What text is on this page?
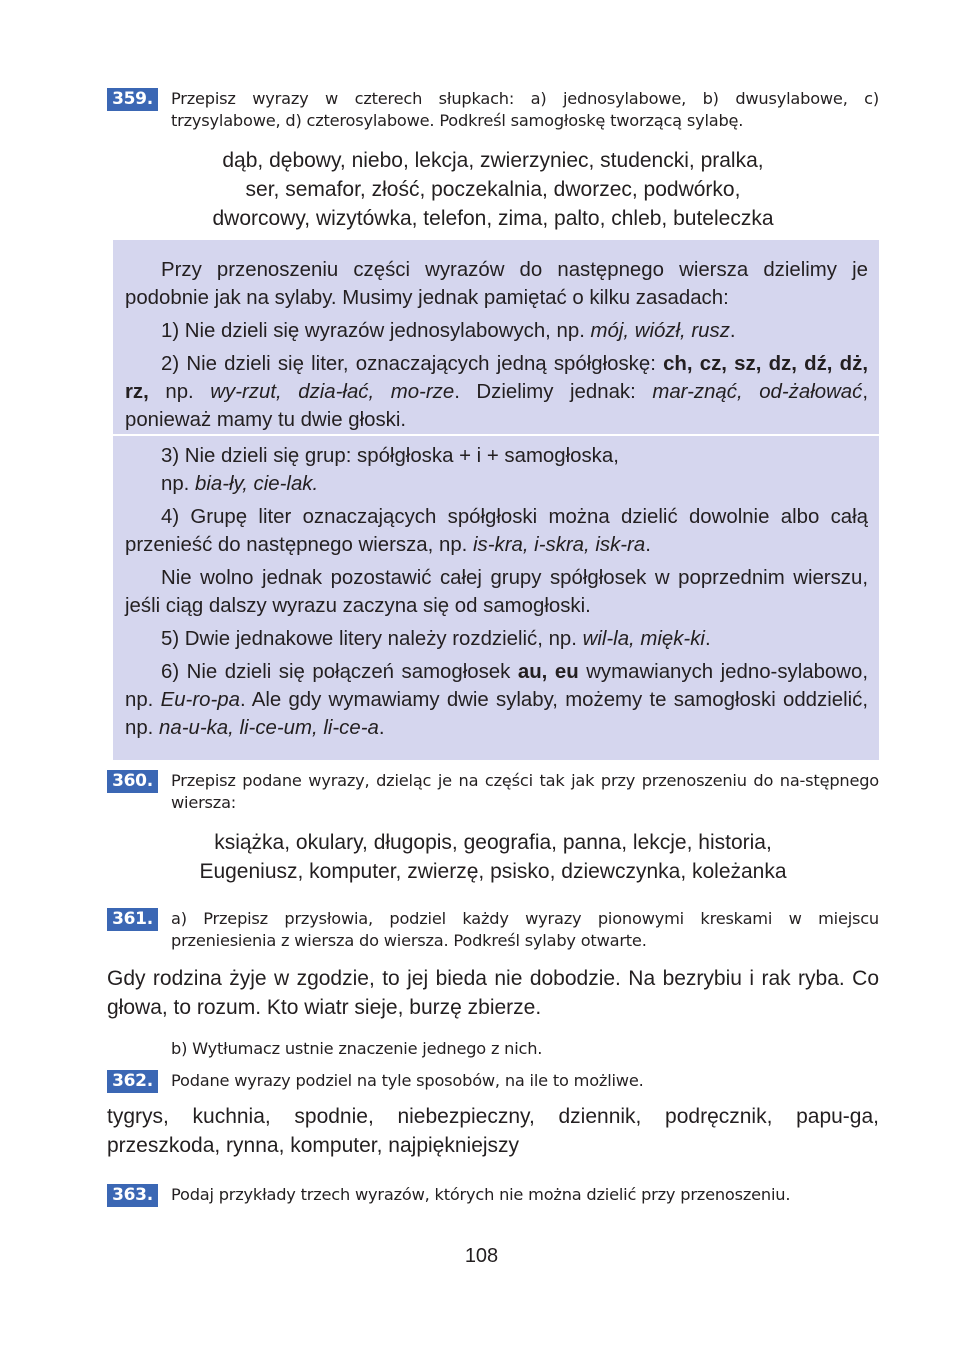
359.	Przepisz wyrazy w czterech słupkach: a) jednosylabowe, b) dwusylabowe, c) trzysylabowe, d) czterosylabowe. Podkreśl samogłoskę tworzącą sylabę.
dąb, dębowy, niebo, lekcja, zwierzyniec, studencki, pralka,
ser, semafor, złość, poczekalnia, dworzec, podwórko,
dworcowy, wizytówka, telefon, zima, palto, chleb, buteleczka

Przy przenoszeniu części wyrazów do następnego wiersza dzielimy je podobnie jak na sylaby. Musimy jednak pamiętać o kilku zasadach:

1) Nie dzieli się wyrazów jednosylabowych, np. mój, wiózł, rusz.

2) Nie dzieli się liter, oznaczających jedną spółgłoskę: ch, cz, sz, dz, dź, dż, rz, np. wy-rzut, dzia-łać, mo-rze. Dzielimy jednak: mar-znąć, od-żałować, ponieważ mamy tu dwie głoski.

3) Nie dzieli się grup: spółgłoska + i + samogłoska,
np. bia-ły, cie-lak.

4) Grupę liter oznaczających spółgłoski można dzielić dowolnie albo całą przenieść do następnego wiersza, np. is-kra, i-skra, isk-ra.

Nie wolno jednak pozostawić całej grupy spółgłosek w poprzednim wierszu, jeśli ciąg dalszy wyrazu zaczyna się od samogłoski.

5) Dwie jednakowe litery należy rozdzielić, np. wil-la, mięk-ki.

6) Nie dzieli się połączeń samogłosek au, eu wymawianych jedno-sylabowo, np. Eu-ro-pa. Ale gdy wymawiamy dwie sylaby, możemy te samogłoski oddzielić, np. na-u-ka, li-ce-um, li-ce-a.

360.	Przepisz podane wyrazy, dzieląc je na części tak jak przy przenoszeniu do na-stępnego wiersza:
książka, okulary, długopis, geografia, panna, lekcje, historia,
Eugeniusz, komputer, zwierzę, psisko, dziewczynka, koleżanka
361.	a) Przepisz przysłowia, podziel każdy wyrazy pionowymi kreskami w miejscu przeniesienia z wiersza do wiersza. Podkreśl sylaby otwarte.
Gdy rodzina żyje w zgodzie, to jej bieda nie dobodzie. Na bezrybiu i rak ryba. Co głowa, to rozum. Kto wiatr sieje, burzę zbierze.
b) Wytłumacz ustnie znaczenie jednego z nich.
362.	Podane wyrazy podziel na tyle sposobów, na ile to możliwe.
tygrys, kuchnia, spodnie, niebezpieczny, dziennik, podręcznik, papu-ga, przeszkoda, rynna, komputer, najpiękniejszy
363.	Podaj przykłady trzech wyrazów, których nie można dzielić przy przenoszeniu.
108
